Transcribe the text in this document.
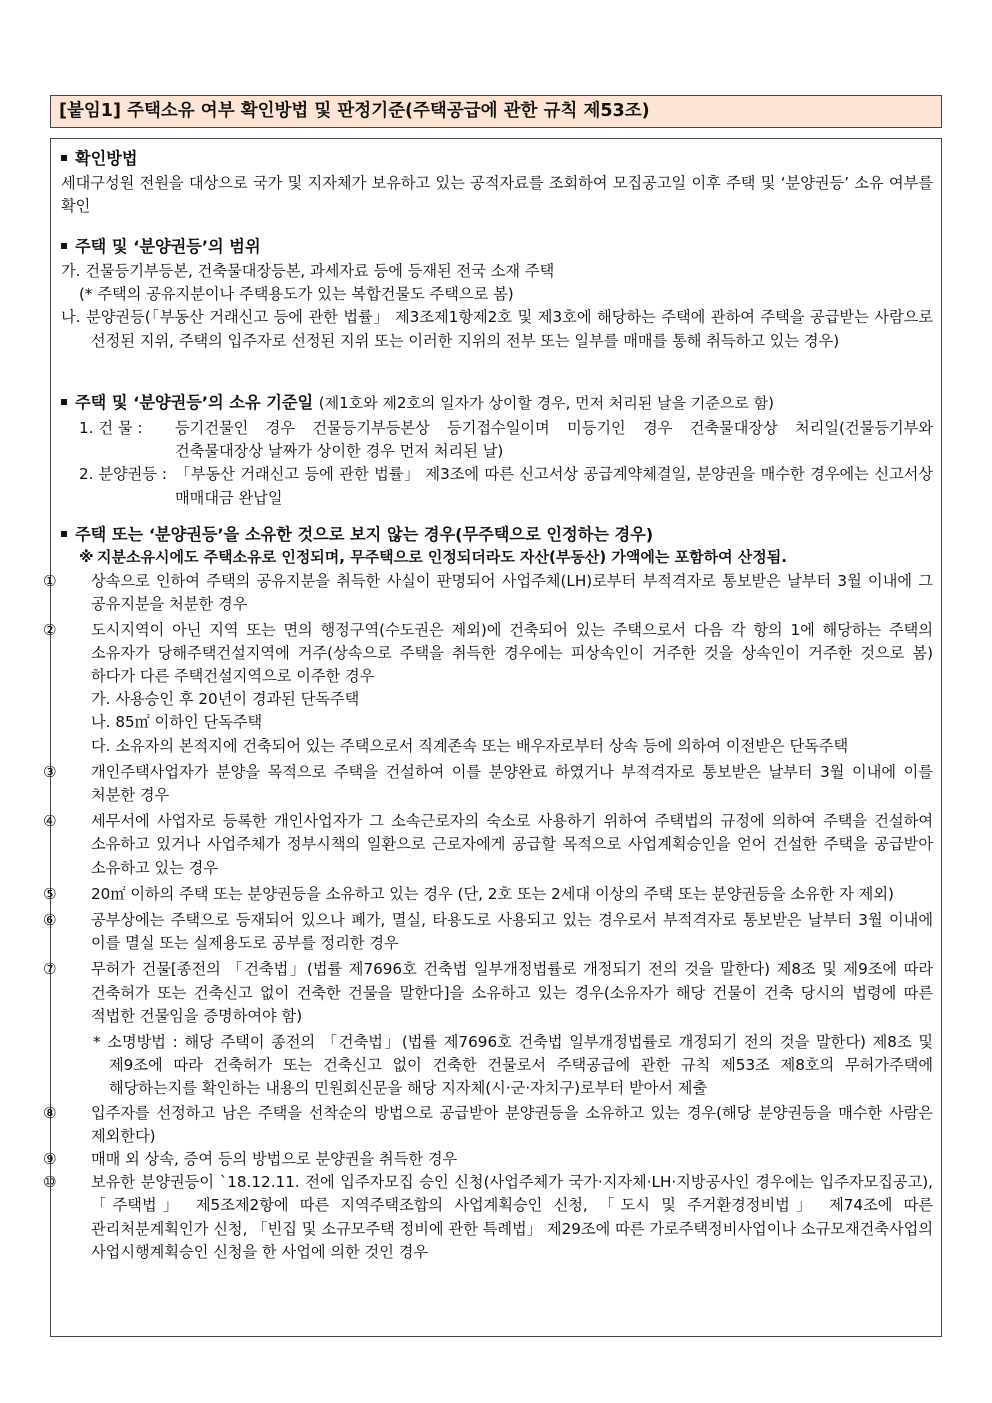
[붙임1] 주택소유 여부 확인방법 및 판정기준(주택공급에 관한 규칙 제53조)
확인방법
세대구성원 전원을 대상으로 국가 및 지자체가 보유하고 있는 공적자료를 조회하여 모집공고일 이후 주택 및 ‘분양권등’ 소유 여부를 확인
주택 및 ‘분양권등’의 범위
가. 건물등기부등본, 건축물대장등본, 과세자료 등에 등재된 전국 소재 주택
(* 주택의 공유지분이나 주택용도가 있는 복합건물도 주택으로 봄)
나. 분양권등(「부동산 거래신고 등에 관한 법률」 제3조제1항제2호 및 제3호에 해당하는 주택에 관하여 주택을 공급받는 사람으로 선정된 지위, 주택의 입주자로 선정된 지위 또는 이러한 지위의 전부 또는 일부를 매매를 통해 취득하고 있는 경우)
주택 및 ‘분양권등’의 소유 기준일 (제1호와 제2호의 일자가 상이할 경우, 먼저 처리된 날을 기준으로 함)
1. 건 물 :	등기건물인 경우 건물등기부등본상 등기접수일이며 미등기인 경우 건축물대장상 처리일(건물등기부와 건축물대장상 날짜가 상이한 경우 먼저 처리된 날)
2. 분양권등 : 「부동산 거래신고 등에 관한 법률」 제3조에 따른 신고서상 공급계약체결일, 분양권을 매수한 경우에는 신고서상 매매대금 완납일
주택 또는 ‘분양권등’을 소유한 것으로 보지 않는 경우(무주택으로 인정하는 경우)
※ 지분소유시에도 주택소유로 인정되며, 무주택으로 인정되더라도 자산(부동산) 가액에는 포함하여 산정됨.
① 상속으로 인하여 주택의 공유지분을 취득한 사실이 판명되어 사업주체(LH)로부터 부적격자로 통보받은 날부터 3월 이내에 그 공유지분을 처분한 경우
② 도시지역이 아닌 지역 또는 면의 행정구역(수도권은 제외)에 건축되어 있는 주택으로서 다음 각 항의 1에 해당하는 주택의 소유자가 당해주택건설지역에 거주(상속으로 주택을 취득한 경우에는 피상속인이 거주한 것을 상속인이 거주한 것으로 봄)하다가 다른 주택건설지역으로 이주한 경우
가. 사용승인 후 20년이 경과된 단독주택
나. 85㎡ 이하인 단독주택
다. 소유자의 본적지에 건축되어 있는 주택으로서 직계존속 또는 배우자로부터 상속 등에 의하여 이전받은 단독주택
③ 개인주택사업자가 분양을 목적으로 주택을 건설하여 이를 분양완료 하였거나 부적격자로 통보받은 날부터 3월 이내에 이를 처분한 경우
④ 세무서에 사업자로 등록한 개인사업자가 그 소속근로자의 숙소로 사용하기 위하여 주택법의 규정에 의하여 주택을 건설하여 소유하고 있거나 사업주체가 정부시책의 일환으로 근로자에게 공급할 목적으로 사업계획승인을 얻어 건설한 주택을 공급받아 소유하고 있는 경우
⑤ 20㎡ 이하의 주택 또는 분양권등을 소유하고 있는 경우 (단, 2호 또는 2세대 이상의 주택 또는 분양권등을 소유한 자 제외)
⑥ 공부상에는 주택으로 등재되어 있으나 폐가, 멸실, 타용도로 사용되고 있는 경우로서 부적격자로 통보받은 날부터 3월 이내에 이를 멸실 또는 실제용도로 공부를 정리한 경우
⑦ 무허가 건물[종전의 「건축법」(법률 제7696호 건축법 일부개정법률로 개정되기 전의 것을 말한다) 제8조 및 제9조에 따라 건축허가 또는 건축신고 없이 건축한 건물을 말한다]을 소유하고 있는 경우(소유자가 해당 건물이 건축 당시의 법령에 따른 적법한 건물임을 증명하여야 함)
* 소명방법 : 해당 주택이 종전의 「건축법」(법률 제7696호 건축법 일부개정법률로 개정되기 전의 것을 말한다) 제8조 및 제9조에 따라 건축허가 또는 건축신고 없이 건축한 건물로서 주택공급에 관한 규칙 제53조 제8호의 무허가주택에 해당하는지를 확인하는 내용의 민원회신문을 해당 지자체(시·군·자치구)로부터 받아서 제출
⑧ 입주자를 선정하고 남은 주택을 선착순의 방법으로 공급받아 분양권등을 소유하고 있는 경우(해당 분양권등을 매수한 사람은 제외한다)
⑨ 매매 외 상속, 증여 등의 방법으로 분양권을 취득한 경우
⑩ 보유한 분양권등이 `18.12.11. 전에 입주자모집 승인 신청(사업주체가 국가·지자체·LH·지방공사인 경우에는 입주자모집공고), 「주택법」 제5조제2항에 따른 지역주택조합의 사업계획승인 신청, 「도시 및 주거환경정비법」 제74조에 따른 관리처분계획인가 신청, 「빈집 및 소규모주택 정비에 관한 특례법」 제29조에 따른 가로주택정비사업이나 소규모재건축사업의 사업시행계획승인 신청을 한 사업에 의한 것인 경우
